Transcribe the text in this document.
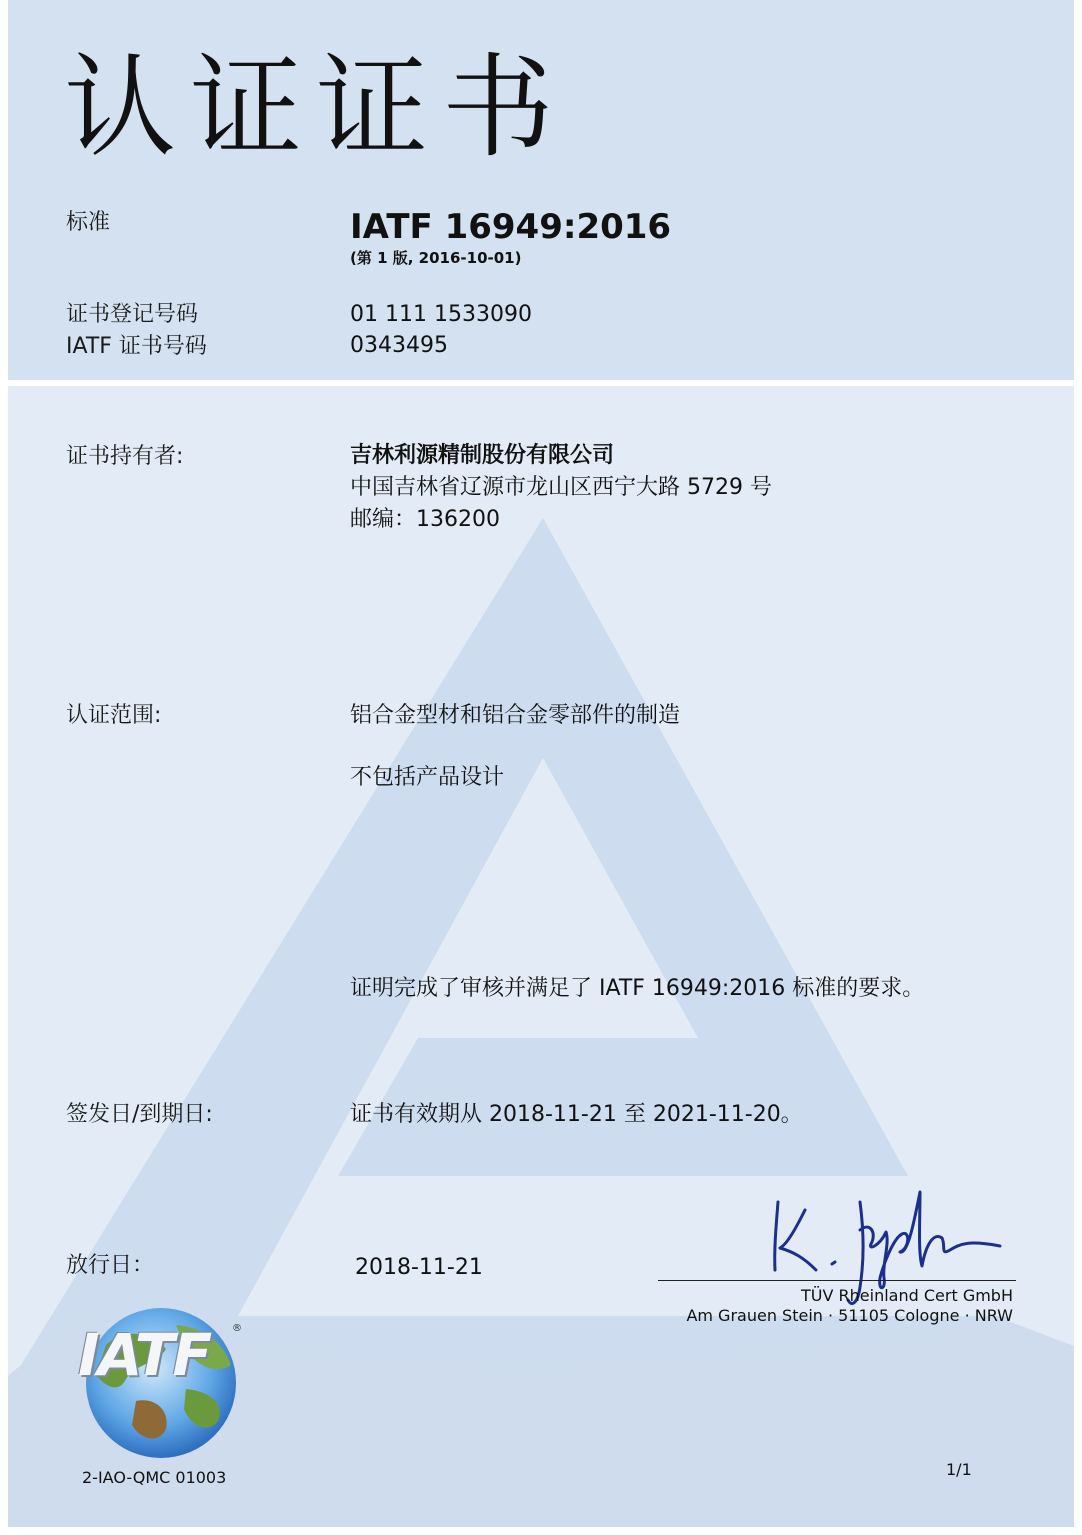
认证证书
标准	IATF 16949:2016
(第 1 版, 2016-10-01)
证书登记号码	01 111 1533090
IATF 证书号码	0343495
证书持有者:	吉林利源精制股份有限公司
中国吉林省辽源市龙山区西宁大路 5729 号
邮编：136200
认证范围:	铝合金型材和铝合金零部件的制造
不包括产品设计
证明完成了审核并满足了 IATF 16949:2016 标准的要求。
签发日/到期日:	证书有效期从 2018-11-21 至 2021-11-20。
放行日：	2018-11-21
TÜV Rheinland Cert GmbH
Am Grauen Stein · 51105 Cologne · NRW
IATF ®
2-IAO-QMC 01003	1/1
